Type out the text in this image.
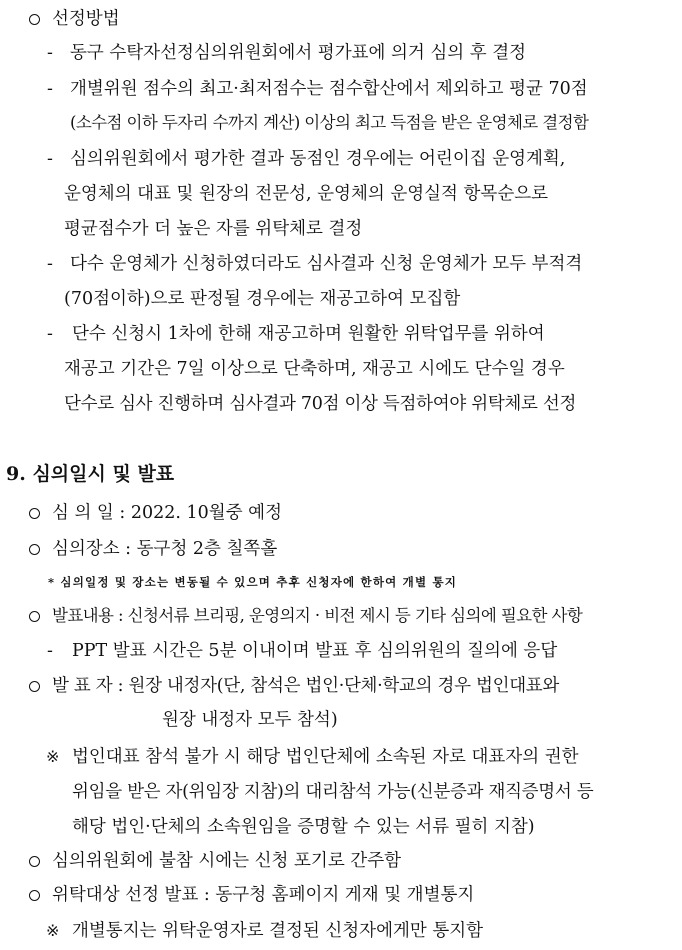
선정방법
- 동구 수탁자선정심의위원회에서 평가표에 의거 심의 후 결정
- 개별위원 점수의 최고·최저점수는 점수합산에서 제외하고 평균 70점
(소수점 이하 두자리 수까지 계산) 이상의 최고 득점을 받은 운영체로 결정함
- 심의위원회에서 평가한 결과 동점인 경우에는 어린이집 운영계획,
운영체의 대표 및 원장의 전문성, 운영체의 운영실적 항목순으로
평균점수가 더 높은 자를 위탁체로 결정
- 다수 운영체가 신청하였더라도 심사결과 신청 운영체가 모두 부적격
(70점이하)으로 판정될 경우에는 재공고하여 모집함
- 단수 신청시 1차에 한해 재공고하며 원활한 위탁업무를 위하여
재공고 기간은 7일 이상으로 단축하며, 재공고 시에도 단수일 경우
단수로 심사 진행하며 심사결과 70점 이상 득점하여야 위탁체로 선정
9. 심의일시 및 발표
심 의 일 : 2022. 10월중 예정
심의장소 : 동구청 2층 칠쪽홀
* 심의일정 및 장소는 변동될 수 있으며 추후 신청자에 한하여 개별 통지
발표내용 : 신청서류 브리핑, 운영의지 · 비전 제시 등 기타 심의에 필요한 사항
- PPT 발표 시간은 5분 이내이며 발표 후 심의위원의 질의에 응답
발 표 자 : 원장 내정자(단, 참석은 법인·단체·학교의 경우 법인대표와
원장 내정자 모두 참석)
※ 법인대표 참석 불가 시 해당 법인단체에 소속된 자로 대표자의 권한
위임을 받은 자(위임장 지참)의 대리참석 가능(신분증과 재직증명서 등
해당 법인·단체의 소속원임을 증명할 수 있는 서류 필히 지참)
심의위원회에 불참 시에는 신청 포기로 간주함
위탁대상 선정 발표 : 동구청 홈페이지 게재 및 개별통지
※ 개별통지는 위탁운영자로 결정된 신청자에게만 통지함
